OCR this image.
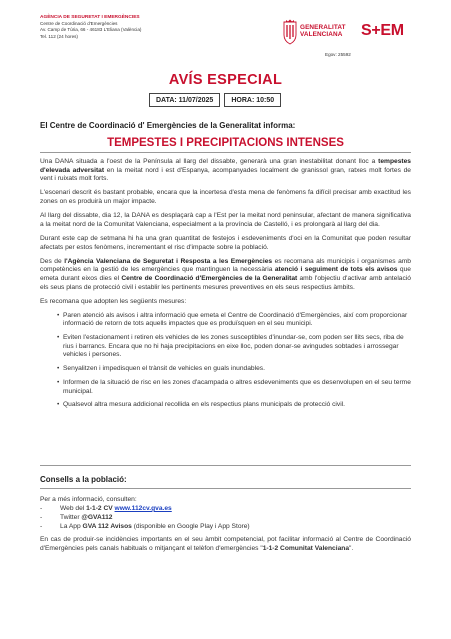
AGÈNCIA DE SEGURETAT I EMERGÈNCIES
Centre de Coordinació d'Emergències
Av. Camp de Túria, 66 - 46183 L'Eliana (València)
Tel. 112 (24 hores)
GENERALITAT
VALENCIANA S+EM
Egov: 25592
AVÍS ESPECIAL
DATA: 11/07/2025	HORA: 10:50
El Centre de Coordinació d' Emergències de la Generalitat informa:
TEMPESTES I PRECIPITACIONS INTENSES

Una DANA situada a l'oest de la Península al llarg del dissabte, generarà una gran inestabilitat donant lloc a tempestes d'elevada adversitat en la meitat nord i est d'Espanya, acompanyades localment de granissol gran, ratxes molt fortes de vent i ruixats molt forts.

L'escenari descrit és bastant probable, encara que la incertesa d'esta mena de fenòmens fa difícil precisar amb exactitud les zones on es produirà un major impacte.

Al llarg del dissabte, dia 12, la DANA es desplaçarà cap a l'Est per la meitat nord peninsular, afectant de manera significativa a la meitat nord de la Comunitat Valenciana, especialment a la província de Castelló, i es prolongarà al llarg del dia.

Durant este cap de setmana hi ha una gran quantitat de festejos i esdeveniments d'oci en la Comunitat que poden resultar afectats per estos fenòmens, incrementant el risc d'impacte sobre la població.

Des de l'Agència Valenciana de Seguretat i Resposta a les Emergències es recomana als municipis i organismes amb competències en la gestió de les emergències que mantinguen la necessària atenció i seguiment de tots els avisos que emeta durant eixos dies el Centre de Coordinació d'Emergències de la Generalitat amb l'objectiu d'activar amb antelació els seus plans de protecció civil i establir les pertinents mesures preventives en els seus respectius àmbits.

Es recomana que adopten les següents mesures:

• Paren atenció als avisos i altra informació que emeta el Centre de Coordinació d'Emergències, així com proporcionar informació de retorn de tots aquells impactes que es produïsquen en el seu municipi.
• Eviten l'estacionament i retiren els vehicles de les zones susceptibles d'inundar-se, com poden ser llits secs, riba de rius i barrancs. Encara que no hi haja precipitacions en eixe lloc, poden donar-se avingudes sobtades i arrossegar vehicles i persones.
• Senyalitzen i impedisquen el trànsit de vehicles en guals inundables.
• Informen de la situació de risc en les zones d'acampada o altres esdeveniments que es desenvolupen en el seu terme municipal.
• Qualsevol altra mesura addicional recollida en els respectius plans municipals de protecció civil.
Consells a la població:
Per a més informació, consulten:
-	Web del 1-1-2 CV www.112cv.gva.es
-	Twitter @GVA112
-	La App GVA 112 Avisos (disponible en Google Play i App Store)
En cas de produir-se incidències importants en el seu àmbit competencial, pot facilitar informació al Centre de Coordinació d'Emergències pels canals habituals o mitjançant el telèfon d'emergències "1-1-2 Comunitat Valenciana".
